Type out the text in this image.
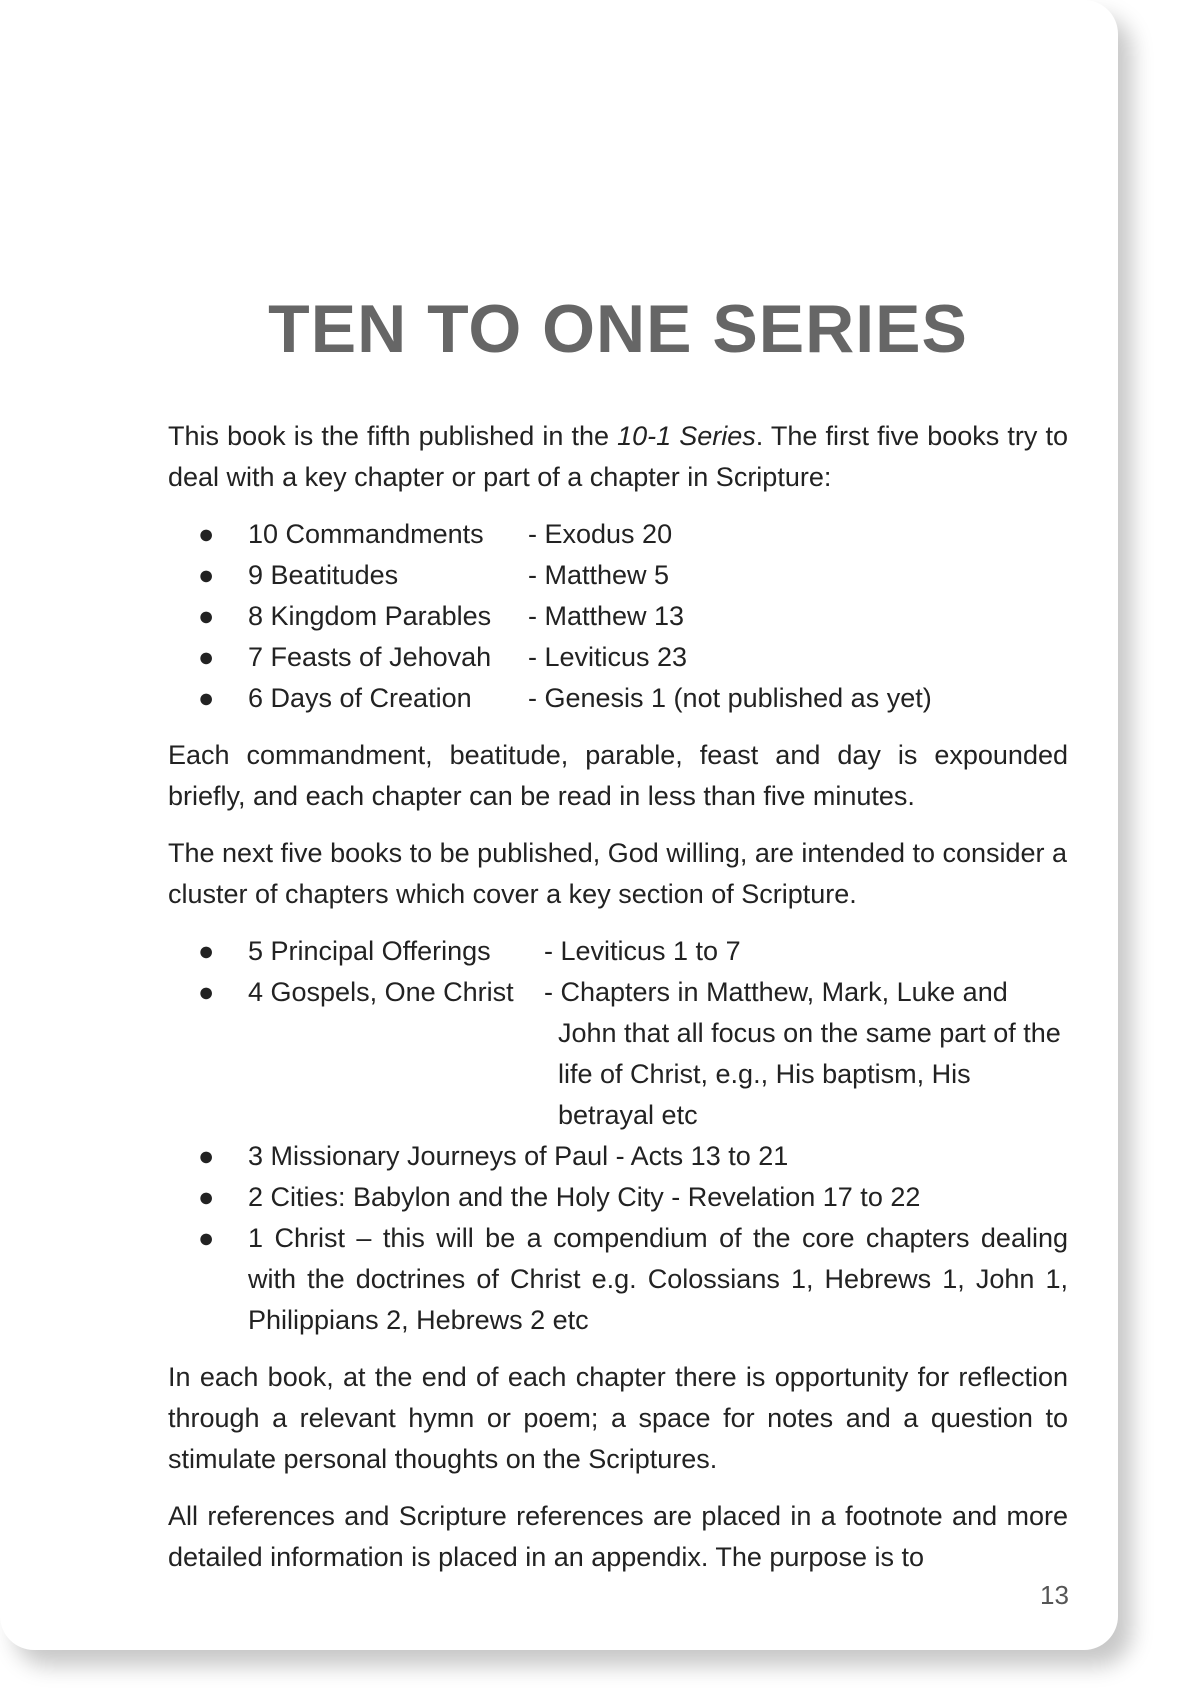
TEN TO ONE SERIES

This book is the fifth published in the 10-1 Series. The first five books try to deal with a key chapter or part of a chapter in Scripture:

● 10 Commandments	- Exodus 20
● 9 Beatitudes	- Matthew 5
● 8 Kingdom Parables	- Matthew 13
● 7 Feasts of Jehovah	- Leviticus 23
● 6 Days of Creation	- Genesis 1 (not published as yet)

Each commandment, beatitude, parable, feast and day is expounded briefly, and each chapter can be read in less than five minutes.

The next five books to be published, God willing, are intended to consider a cluster of chapters which cover a key section of Scripture.

● 5 Principal Offerings	- Leviticus 1 to 7
● 4 Gospels, One Christ	- Chapters in Matthew, Mark, Luke and
John that all focus on the same part of the life of Christ, e.g., His baptism, His betrayal etc
● 3 Missionary Journeys of Paul - Acts 13 to 21
● 2 Cities: Babylon and the Holy City - Revelation 17 to 22
● 1 Christ – this will be a compendium of the core chapters dealing with the doctrines of Christ e.g. Colossians 1, Hebrews 1, John 1, Philippians 2, Hebrews 2 etc

In each book, at the end of each chapter there is opportunity for reflection through a relevant hymn or poem; a space for notes and a question to stimulate personal thoughts on the Scriptures.

All references and Scripture references are placed in a footnote and more detailed information is placed in an appendix. The purpose is to

13
